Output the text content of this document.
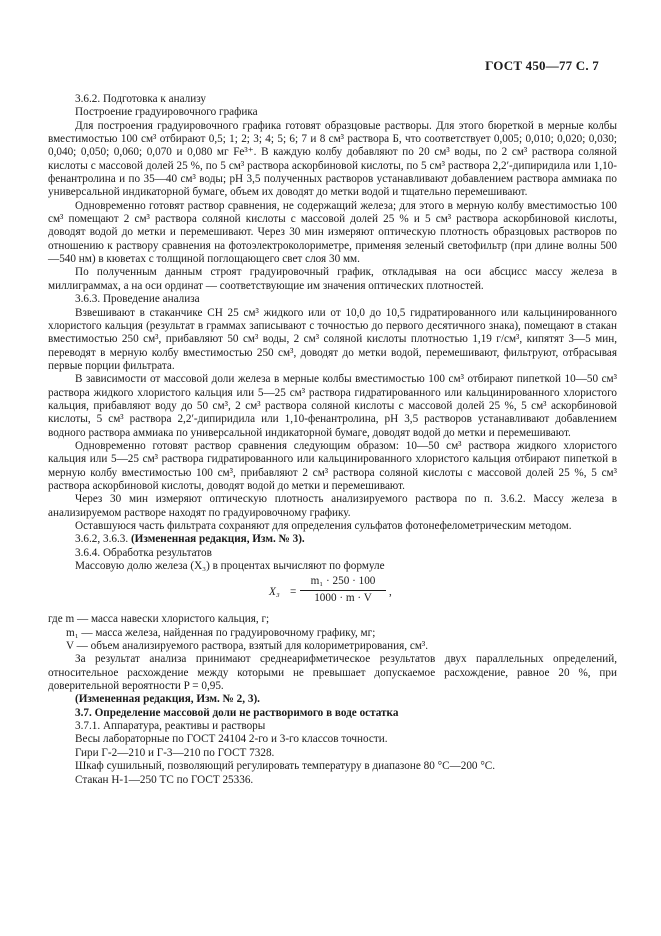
ГОСТ 450—77 С. 7

3.6.2. Подготовка к анализу

Построение градуировочного графика

Для построения градуировочного графика готовят образцовые растворы. Для этого бюреткой в мерные колбы вместимостью 100 см³ отбирают 0,5; 1; 2; 3; 4; 5; 6; 7 и 8 см³ раствора Б, что соответствует 0,005; 0,010; 0,020; 0,030; 0,040; 0,050; 0,060; 0,070 и 0,080 мг Fe³⁺. В каждую колбу добавляют по 20 см³ воды, по 2 см³ раствора соляной кислоты с массовой долей 25 %, по 5 см³ раствора аскорбиновой кислоты, по 5 см³ раствора 2,2′-дипиридила или 1,10-фенантролина и по 35—40 см³ воды; pH 3,5 полученных растворов устанавливают добавлением раствора аммиака по универсальной индикаторной бумаге, объем их доводят до метки водой и тщательно перемешивают.

Одновременно готовят раствор сравнения, не содержащий железа; для этого в мерную колбу вместимостью 100 см³ помещают 2 см³ раствора соляной кислоты с массовой долей 25 % и 5 см³ раствора аскорбиновой кислоты, доводят водой до метки и перемешивают. Через 30 мин измеряют оптическую плотность образцовых растворов по отношению к раствору сравнения на фотоэлектроколориметре, применяя зеленый светофильтр (при длине волны 500—540 нм) в кюветах с толщиной поглощающего свет слоя 30 мм.

По полученным данным строят градуировочный график, откладывая на оси абсцисс массу железа в миллиграммах, а на оси ординат — соответствующие им значения оптических плотностей.

3.6.3. Проведение анализа

Взвешивают в стаканчике СН 25 см³ жидкого или от 10,0 до 10,5 гидратированного или кальцинированного хлористого кальция (результат в граммах записывают с точностью до первого десятичного знака), помещают в стакан вместимостью 250 см³, прибавляют 50 см³ воды, 2 см³ соляной кислоты плотностью 1,19 г/см³, кипятят 3—5 мин, переводят в мерную колбу вместимостью 250 см³, доводят до метки водой, перемешивают, фильтруют, отбрасывая первые порции фильтрата.

В зависимости от массовой доли железа в мерные колбы вместимостью 100 см³ отбирают пипеткой 10—50 см³ раствора жидкого хлористого кальция или 5—25 см³ раствора гидратированного или кальцинированного хлористого кальция, прибавляют воду до 50 см³, 2 см³ раствора соляной кислоты с массовой долей 25 %, 5 см³ аскорбиновой кислоты, 5 см³ раствора 2,2′-дипиридила или 1,10-фенантролина, pH 3,5 растворов устанавливают добавлением водного раствора аммиака по универсальной индикаторной бумаге, доводят водой до метки и перемешивают.

Одновременно готовят раствор сравнения следующим образом: 10—50 см³ раствора жидкого хлористого кальция или 5—25 см³ раствора гидратированного или кальцинированного хлористого кальция отбирают пипеткой в мерную колбу вместимостью 100 см³, прибавляют 2 см³ раствора соляной кислоты с массовой долей 25 %, 5 см³ раствора аскорбиновой кислоты, доводят водой до метки и перемешивают.

Через 30 мин измеряют оптическую плотность анализируемого раствора по п. 3.6.2. Массу железа в анализируемом растворе находят по градуировочному графику.

Оставшуюся часть фильтрата сохраняют для определения сульфатов фотонефелометрическим методом.

3.6.2, 3.6.3. (Измененная редакция, Изм. № 3).

3.6.4. Обработка результатов

Массовую долю железа (X₃) в процентах вычисляют по формуле

$X_3 = \frac{\text{m₁ · 250 · 100}}{1000 \cdot m \cdot V}$ ,

где m — масса навески хлористого кальция, г;

m₁ — масса железа, найденная по градуировочному графику, мг;

V — объем анализируемого раствора, взятый для колориметрирования, см³.

За результат анализа принимают среднеарифметическое результатов двух параллельных определений, относительное расхождение между которыми не превышает допускаемое расхождение, равное 20 %, при доверительной вероятности P = 0,95.

(Измененная редакция, Изм. № 2, 3).

3.7. Определение массовой доли не растворимого в воде остатка

3.7.1. Аппаратура, реактивы и растворы

Весы лабораторные по ГОСТ 24104 2-го и 3-го классов точности.

Гири Г-2—210 и Г-3—210 по ГОСТ 7328.

Шкаф сушильный, позволяющий регулировать температуру в диапазоне 80 °С—200 °С.

Стакан Н-1—250 ТС по ГОСТ 25336.
